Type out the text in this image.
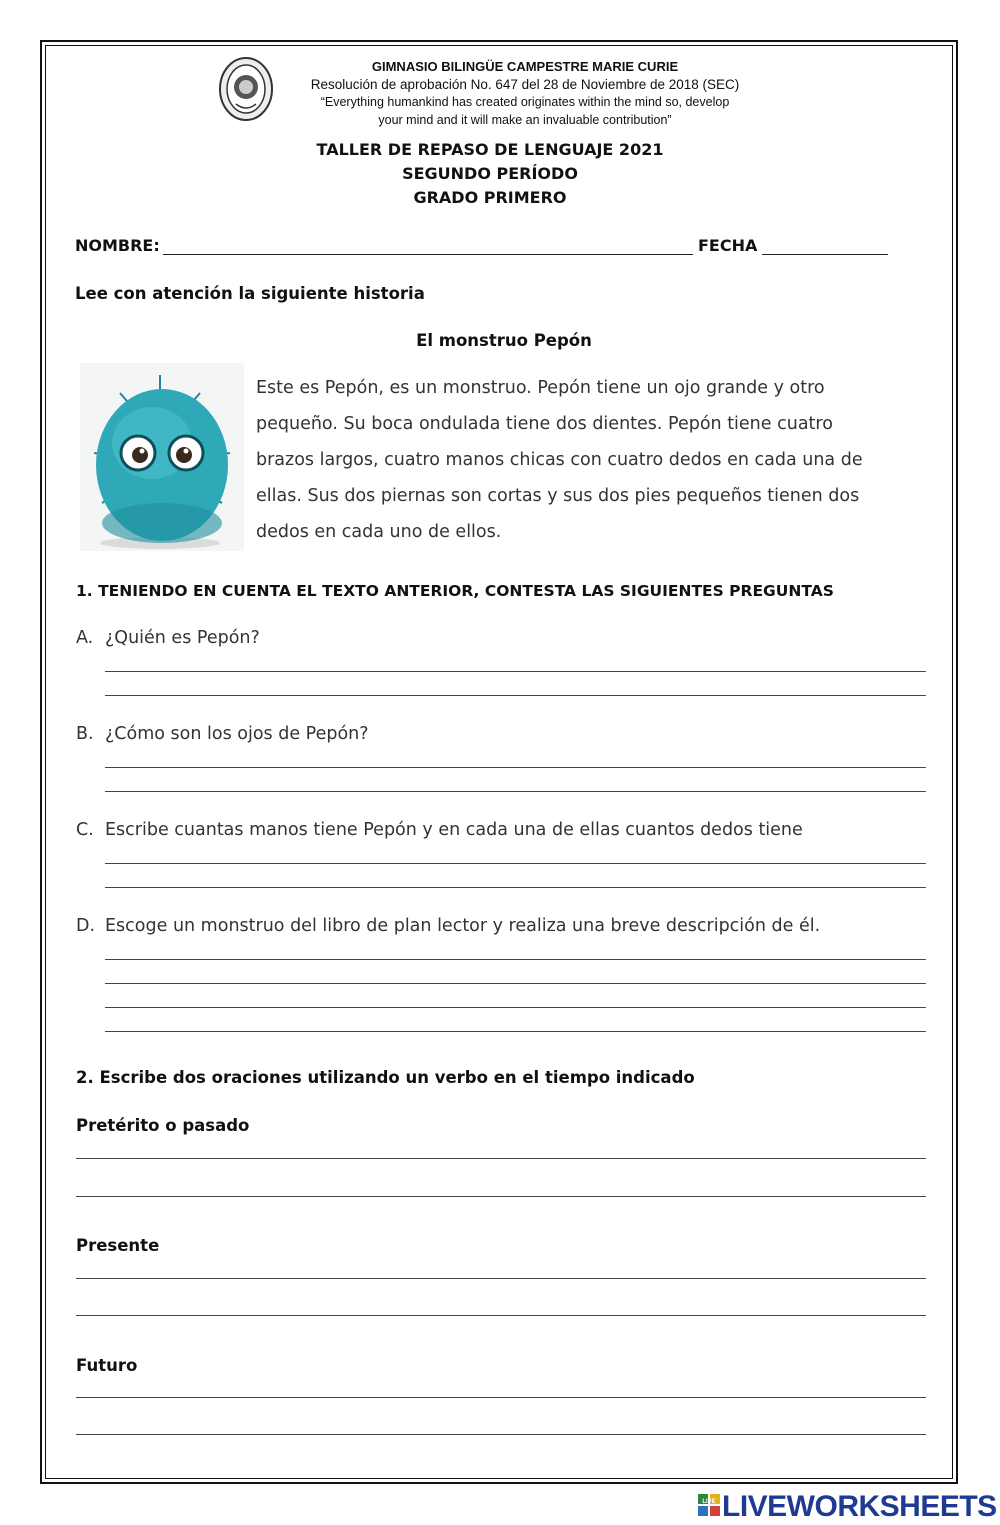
GIMNASIO BILINGÜE CAMPESTRE MARIE CURIE
Resolución de aprobación No. 647 del 28 de Noviembre de 2018 (SEC)
“Everything humankind has created originates within the mind so, develop
your mind and it will make an invaluable contribution”
TALLER DE REPASO DE LENGUAJE 2021
SEGUNDO PERÍODO
GRADO PRIMERO
NOMBRE:	FECHA
Lee con atención la siguiente historia
El monstruo Pepón
Este es Pepón, es un monstruo. Pepón tiene un ojo grande y otro
pequeño. Su boca ondulada tiene dos dientes. Pepón tiene cuatro
brazos largos, cuatro manos chicas con cuatro dedos en cada una de
ellas. Sus dos piernas son cortas y sus dos pies pequeños tienen dos
dedos en cada uno de ellos.
1. TENIENDO EN CUENTA EL TEXTO ANTERIOR, CONTESTA LAS SIGUIENTES PREGUNTAS
A. ¿Quién es Pepón?
B. ¿Cómo son los ojos de Pepón?
C. Escribe cuantas manos tiene Pepón y en cada una de ellas cuantos dedos tiene
D. Escoge un monstruo del libro de plan lector y realiza una breve descripción de él.
2. Escribe dos oraciones utilizando un verbo en el tiempo indicado
Pretérito o pasado
Presente
Futuro
LIVE LIVEWORKSHEETS
